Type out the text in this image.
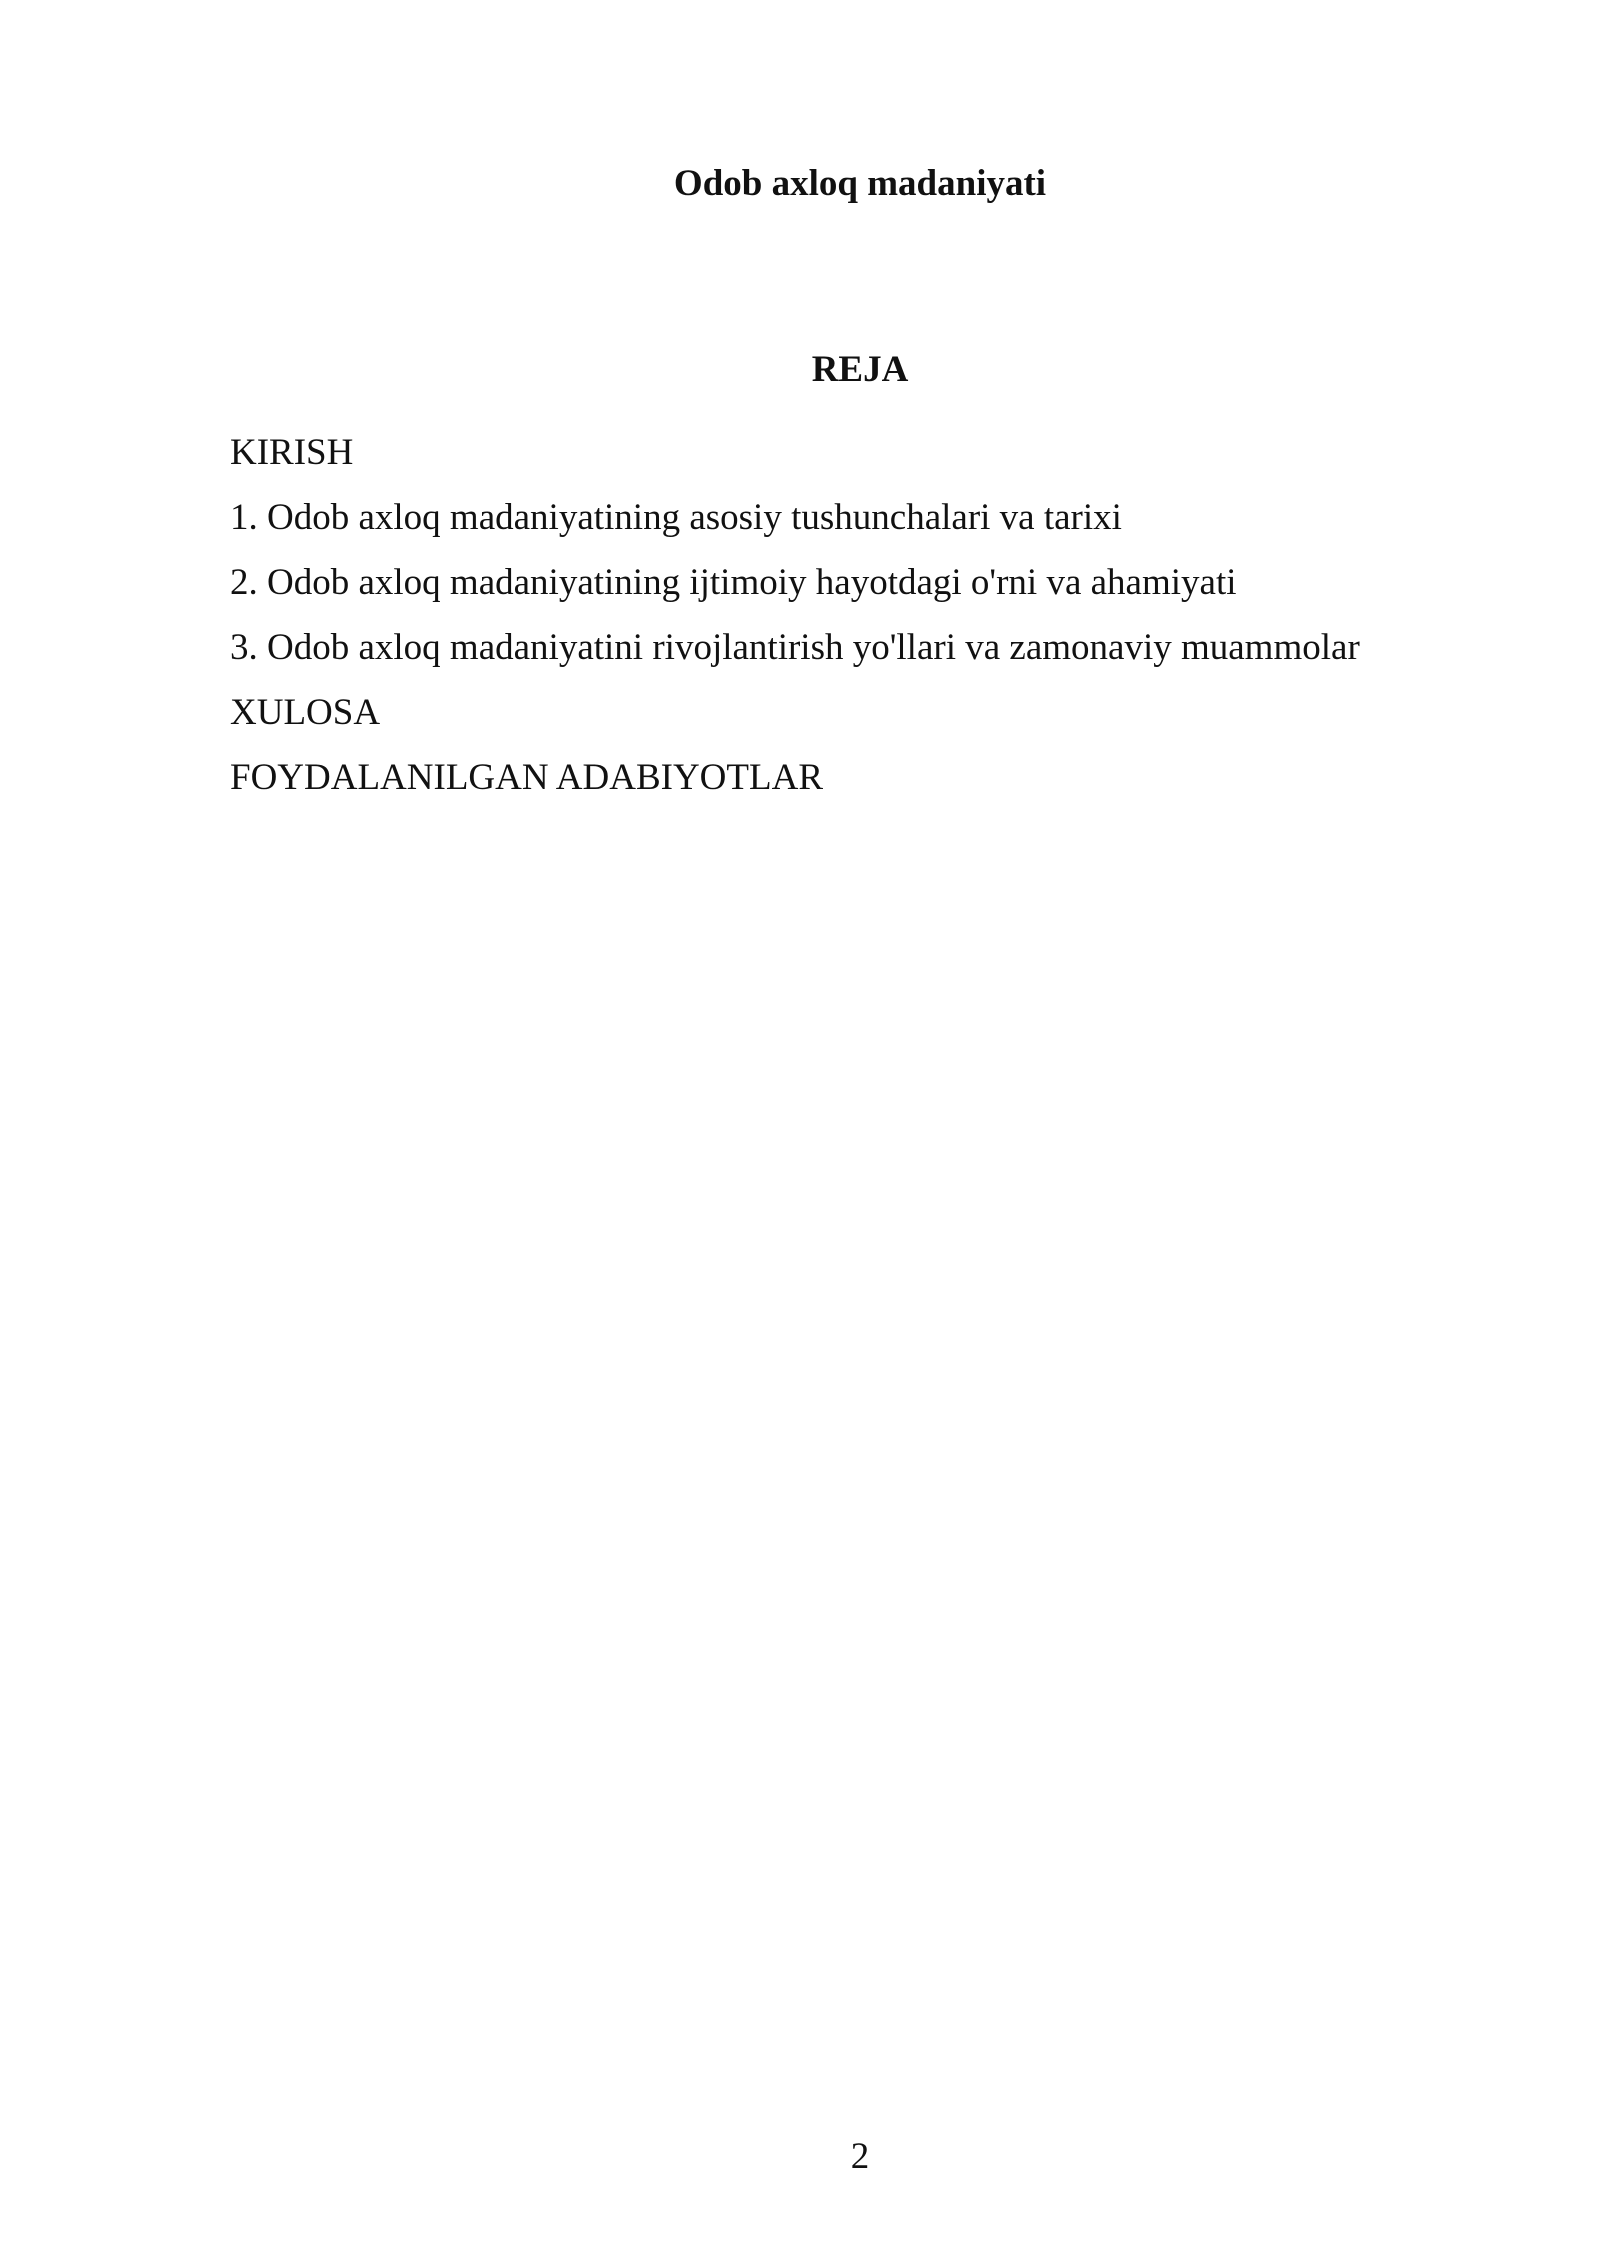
Odob axloq madaniyati
REJA
KIRISH
1. Odob axloq madaniyatining asosiy tushunchalari va tarixi
2. Odob axloq madaniyatining ijtimoiy hayotdagi o'rni va ahamiyati
3. Odob axloq madaniyatini rivojlantirish yo'llari va zamonaviy muammolar
XULOSA
FOYDALANILGAN ADABIYOTLAR
2
